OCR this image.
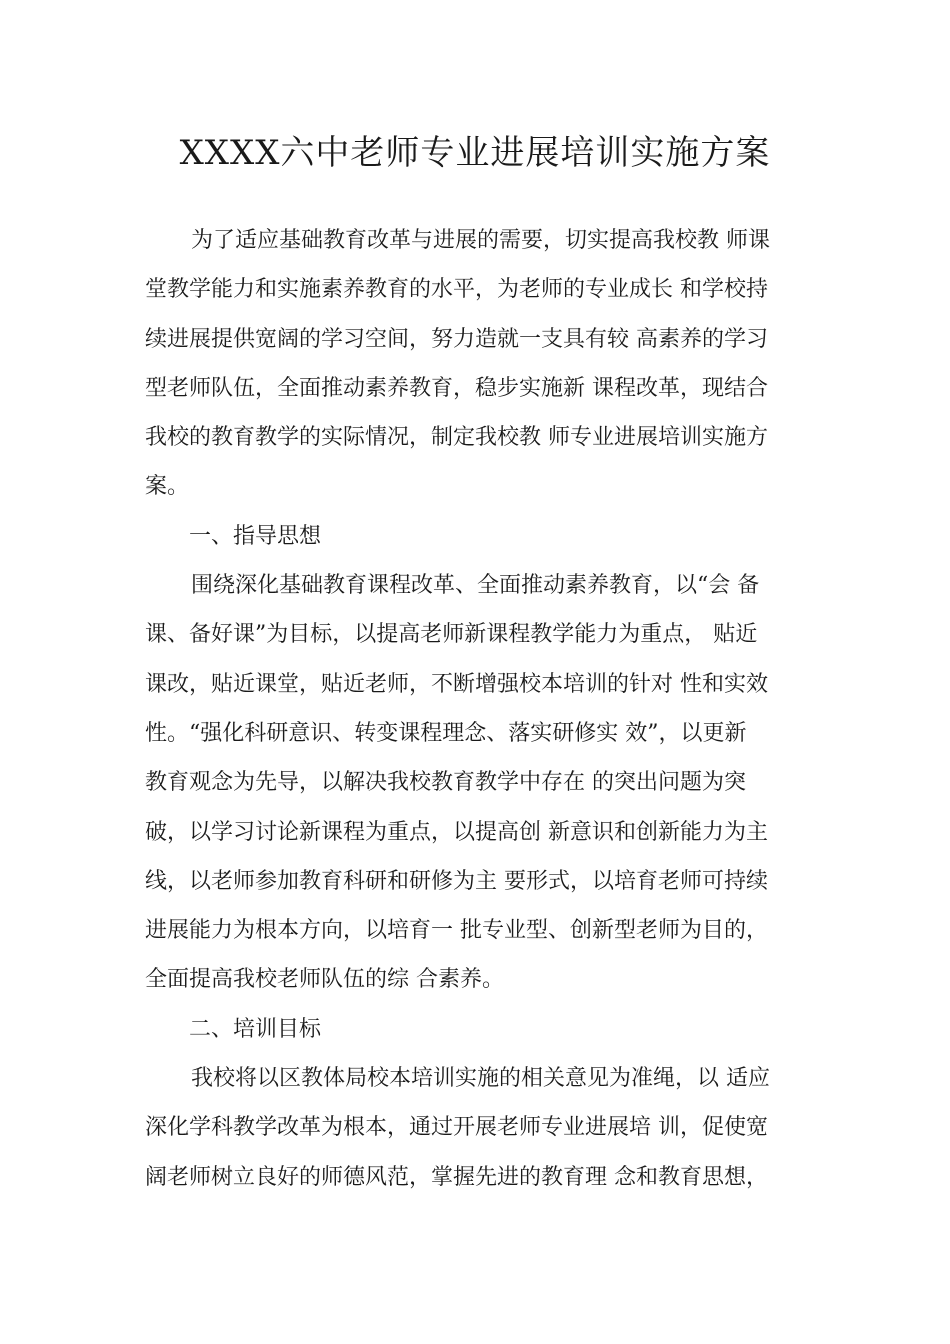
XXXX六中老师专业进展培训实施方案
为了适应基础教育改革与进展的需要，切实提高我校教 师课
堂教学能力和实施素养教育的水平，为老师的专业成长 和学校持
续进展提供宽阔的学习空间，努力造就一支具有较 高素养的学习
型老师队伍，全面推动素养教育，稳步实施新 课程改革，现结合
我校的教育教学的实际情况，制定我校教 师专业进展培训实施方
案。
一、指导思想
围绕深化基础教育课程改革、全面推动素养教育，以“会 备
课、备好课”为目标，以提高老师新课程教学能力为重点， 贴近
课改，贴近课堂，贴近老师，不断增强校本培训的针对 性和实效
性。“强化科研意识、转变课程理念、落实研修实 效”，以更新
教育观念为先导，以解决我校教育教学中存在 的突出问题为突
破，以学习讨论新课程为重点，以提高创 新意识和创新能力为主
线，以老师参加教育科研和研修为主 要形式，以培育老师可持续
进展能力为根本方向，以培育一 批专业型、创新型老师为目的，
全面提高我校老师队伍的综 合素养。
二、培训目标
我校将以区教体局校本培训实施的相关意见为准绳，以 适应
深化学科教学改革为根本，通过开展老师专业进展培 训，促使宽
阔老师树立良好的师德风范，掌握先进的教育理 念和教育思想，
